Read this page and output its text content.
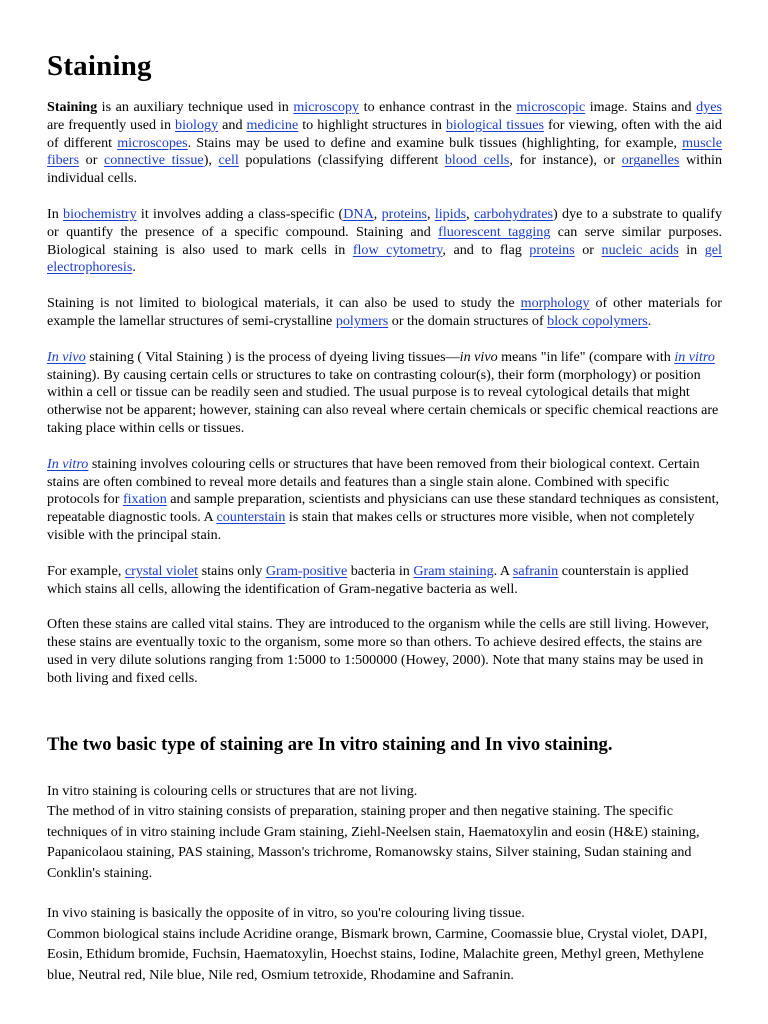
Staining

Staining is an auxiliary technique used in microscopy to enhance contrast in the microscopic image. Stains and dyes are frequently used in biology and medicine to highlight structures in biological tissues for viewing, often with the aid of different microscopes. Stains may be used to define and examine bulk tissues (highlighting, for example, muscle fibers or connective tissue), cell populations (classifying different blood cells, for instance), or organelles within individual cells.

In biochemistry it involves adding a class-specific (DNA, proteins, lipids, carbohydrates) dye to a substrate to qualify or quantify the presence of a specific compound. Staining and fluorescent tagging can serve similar purposes. Biological staining is also used to mark cells in flow cytometry, and to flag proteins or nucleic acids in gel electrophoresis.

Staining is not limited to biological materials, it can also be used to study the morphology of other materials for example the lamellar structures of semi-crystalline polymers or the domain structures of block copolymers.

In vivo staining ( Vital Staining ) is the process of dyeing living tissues—in vivo means "in life" (compare with in vitro staining). By causing certain cells or structures to take on contrasting colour(s), their form (morphology) or position within a cell or tissue can be readily seen and studied. The usual purpose is to reveal cytological details that might otherwise not be apparent; however, staining can also reveal where certain chemicals or specific chemical reactions are taking place within cells or tissues.

In vitro staining involves colouring cells or structures that have been removed from their biological context. Certain stains are often combined to reveal more details and features than a single stain alone. Combined with specific protocols for fixation and sample preparation, scientists and physicians can use these standard techniques as consistent, repeatable diagnostic tools. A counterstain is stain that makes cells or structures more visible, when not completely visible with the principal stain.

For example, crystal violet stains only Gram-positive bacteria in Gram staining. A safranin counterstain is applied which stains all cells, allowing the identification of Gram-negative bacteria as well.

Often these stains are called vital stains. They are introduced to the organism while the cells are still living. However, these stains are eventually toxic to the organism, some more so than others. To achieve desired effects, the stains are used in very dilute solutions ranging from 1:5000 to 1:500000 (Howey, 2000). Note that many stains may be used in both living and fixed cells.

The two basic type of staining are In vitro staining and In vivo staining.

In vitro staining is colouring cells or structures that are not living.
The method of in vitro staining consists of preparation, staining proper and then negative staining. The specific techniques of in vitro staining include Gram staining, Ziehl-Neelsen stain, Haematoxylin and eosin (H&E) staining, Papanicolaou staining, PAS staining, Masson's trichrome, Romanowsky stains, Silver staining, Sudan staining and Conklin's staining.

In vivo staining is basically the opposite of in vitro, so you're colouring living tissue.
Common biological stains include Acridine orange, Bismark brown, Carmine, Coomassie blue, Crystal violet, DAPI, Eosin, Ethidum bromide, Fuchsin, Haematoxylin, Hoechst stains, Iodine, Malachite green, Methyl green, Methylene blue, Neutral red, Nile blue, Nile red, Osmium tetroxide, Rhodamine and Safranin.
